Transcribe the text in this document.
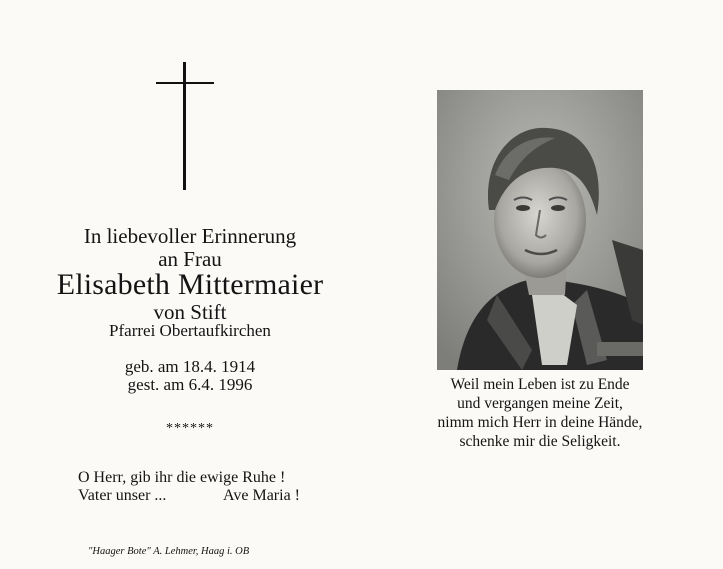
In liebevoller Erinnerung
an Frau
Elisabeth Mittermaier
von Stift
Pfarrei Obertaufkirchen
geb. am 18.4. 1914
gest. am 6.4. 1996
******
O Herr, gib ihr die ewige Ruhe !
Vater unser ...	Ave Maria !
"Haager Bote" A. Lehmer, Haag i. OB
Weil mein Leben ist zu Ende
und vergangen meine Zeit,
nimm mich Herr in deine Hände,
schenke mir die Seligkeit.
